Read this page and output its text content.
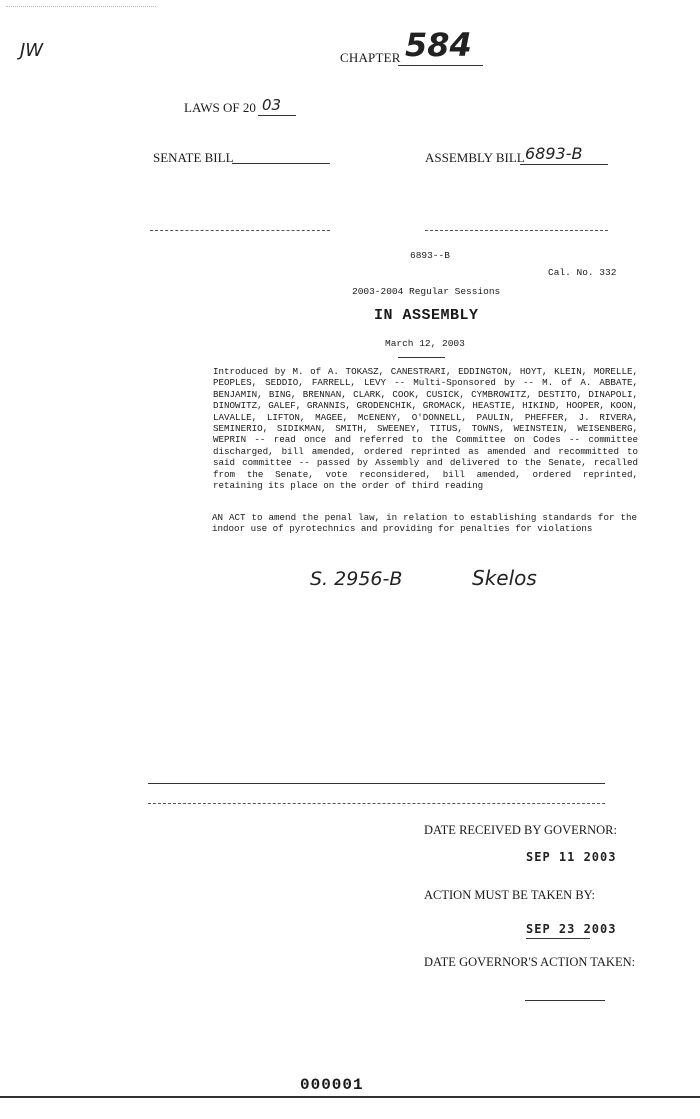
JW	CHAPTER 584
LAWS OF 20 03
SENATE BILL	ASSEMBLY BILL 6893-B
6893--B
Cal. No. 332
2003-2004 Regular Sessions
IN ASSEMBLY
March 12, 2003
Introduced by M. of A. TOKASZ, CANESTRARI, EDDINGTON, HOYT, KLEIN, MORELLE, PEOPLES, SEDDIO, FARRELL, LEVY -- Multi-Sponsored by -- M. of A. ABBATE, BENJAMIN, BING, BRENNAN, CLARK, COOK, CUSICK, CYMBROWITZ, DESTITO, DINAPOLI, DINOWITZ, GALEF, GRANNIS, GRODENCHIK, GROMACK, HEASTIE, HIKIND, HOOPER, KOON, LAVALLE, LIFTON, MAGEE, McENENY, O'DONNELL, PAULIN, PHEFFER, J. RIVERA, SEMINERIO, SIDIKMAN, SMITH, SWEENEY, TITUS, TOWNS, WEINSTEIN, WEISENBERG, WEPRIN -- read once and referred to the Committee on Codes -- committee discharged, bill amended, ordered reprinted as amended and recommitted to said committee -- passed by Assembly and delivered to the Senate, recalled from the Senate, vote reconsidered, bill amended, ordered reprinted, retaining its place on the order of third reading
AN ACT to amend the penal law, in relation to establishing standards for the indoor use of pyrotechnics and providing for penalties for violations
S. 2956-B	Skelos
DATE RECEIVED BY GOVERNOR:
SEP 11 2003
ACTION MUST BE TAKEN BY:
SEP 23 2003
DATE GOVERNOR'S ACTION TAKEN:
000001
